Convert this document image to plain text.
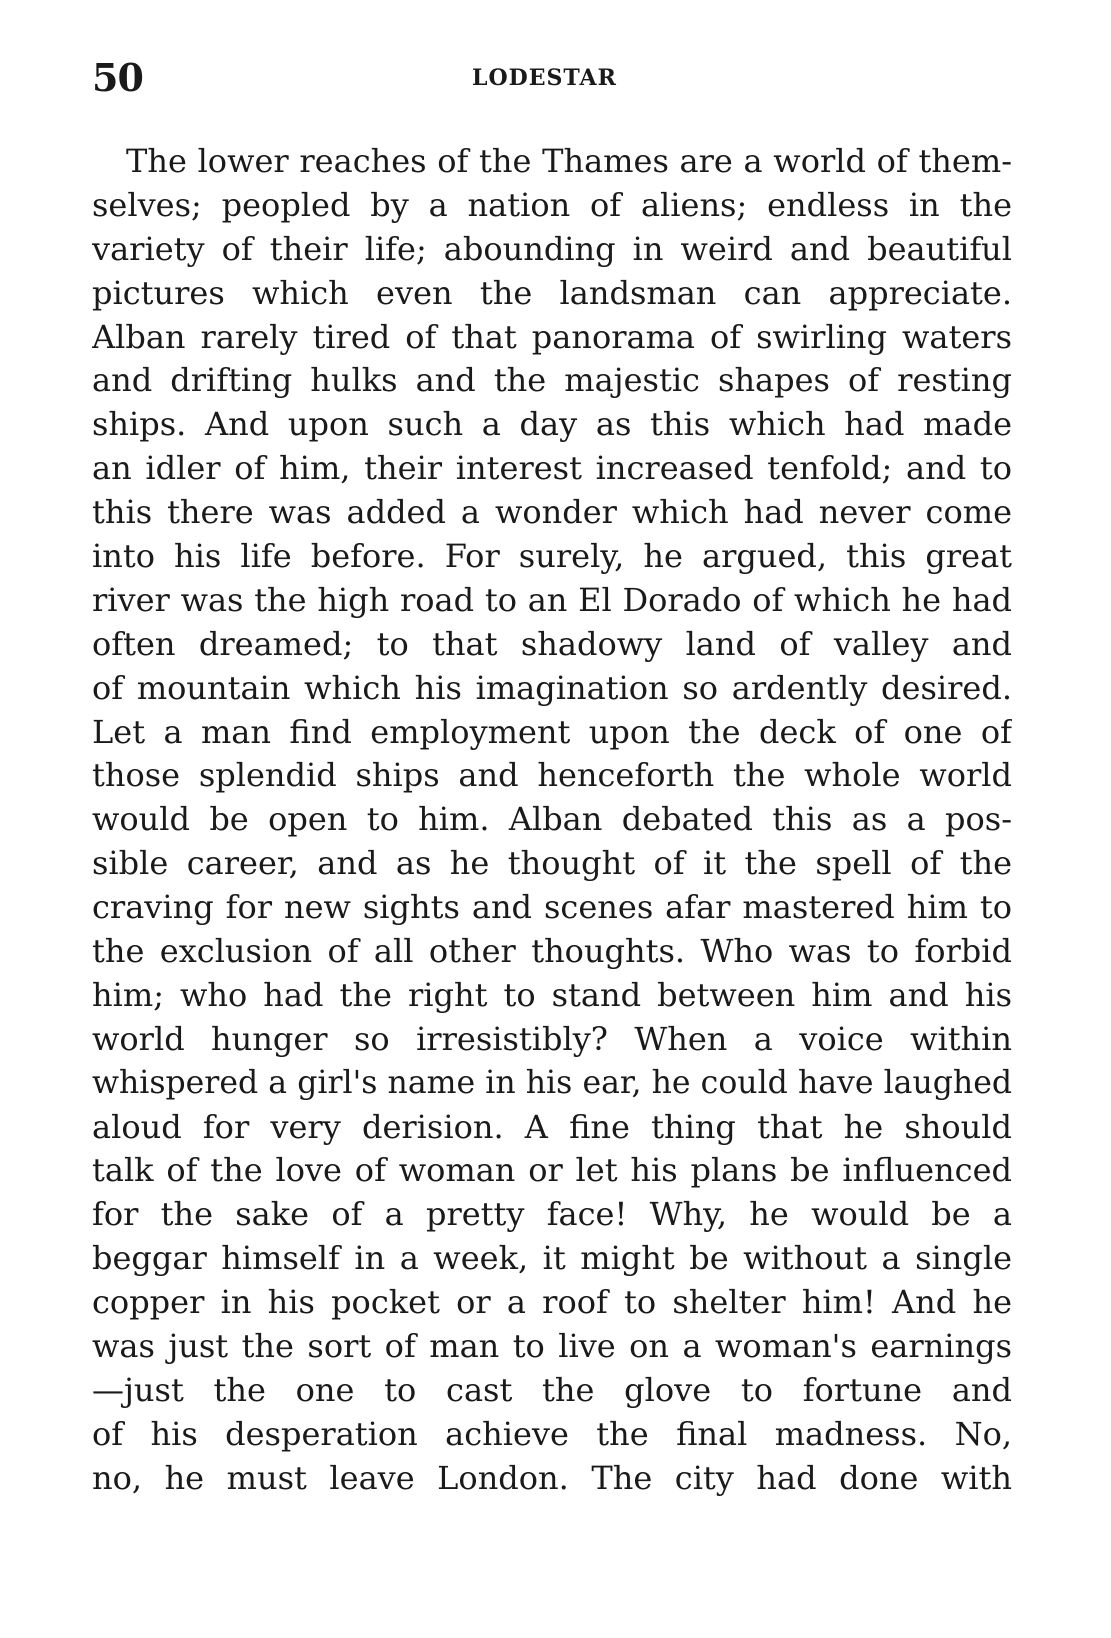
50	LODESTAR
The lower reaches of the Thames are a world of them-
selves; peopled by a nation of aliens; endless in the
variety of their life; abounding in weird and beautiful
pictures which even the landsman can appreciate.
Alban rarely tired of that panorama of swirling waters
and drifting hulks and the majestic shapes of resting
ships. And upon such a day as this which had made
an idler of him, their interest increased tenfold; and to
this there was added a wonder which had never come
into his life before. For surely, he argued, this great
river was the high road to an El Dorado of which he had
often dreamed; to that shadowy land of valley and
of mountain which his imagination so ardently desired.
Let a man find employment upon the deck of one of
those splendid ships and henceforth the whole world
would be open to him. Alban debated this as a pos-
sible career, and as he thought of it the spell of the
craving for new sights and scenes afar mastered him to
the exclusion of all other thoughts. Who was to forbid
him; who had the right to stand between him and his
world hunger so irresistibly? When a voice within
whispered a girl's name in his ear, he could have laughed
aloud for very derision. A fine thing that he should
talk of the love of woman or let his plans be influenced
for the sake of a pretty face! Why, he would be a
beggar himself in a week, it might be without a single
copper in his pocket or a roof to shelter him! And he
was just the sort of man to live on a woman's earnings
—just the one to cast the glove to fortune and
of his desperation achieve the final madness. No,
no, he must leave London. The city had done with
